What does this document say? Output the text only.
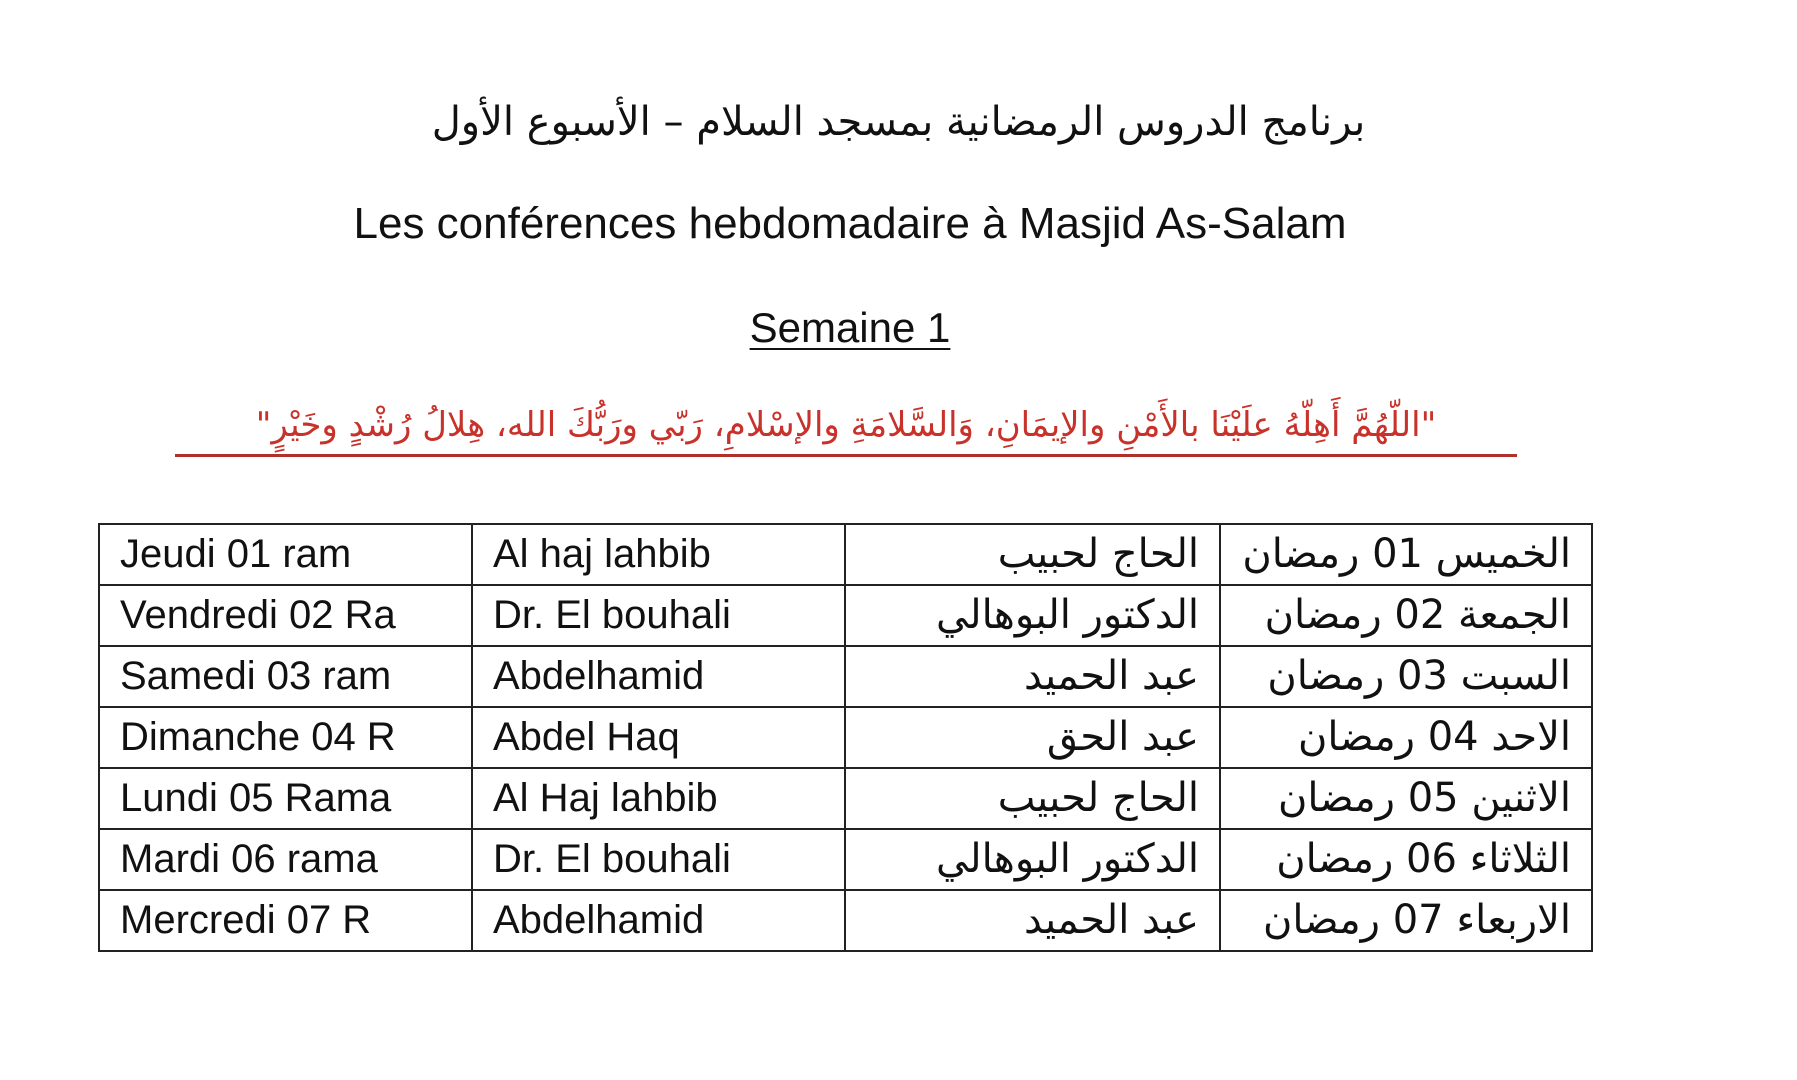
برنامج الدروس الرمضانية بمسجد السلام – الأسبوع الأول
Les conférences hebdomadaire à Masjid As-Salam
Semaine 1
"اللّهُمَّ أَهِلّهُ علَيْنَا بالأَمْنِ والإيمَانِ، وَالسَّلامَةِ والإسْلامِ، رَبّي ورَبُّكَ الله، هِلالُ رُشْدٍ وخَيْرٍ"
Jeudi 01 ram	Al haj lahbib	الحاج لحبيب	الخميس 01 رمضان
Vendredi 02 Ra	Dr. El bouhali	الدكتور البوهالي	الجمعة 02 رمضان
Samedi 03 ram	Abdelhamid	عبد الحميد	السبت 03 رمضان
Dimanche 04 R	Abdel Haq	عبد الحق	الاحد 04 رمضان
Lundi 05 Rama	Al Haj lahbib	الحاج لحبيب	الاثنين 05 رمضان
Mardi 06 rama	Dr. El bouhali	الدكتور البوهالي	الثلاثاء 06 رمضان
Mercredi 07 R	Abdelhamid	عبد الحميد	الاربعاء 07 رمضان
